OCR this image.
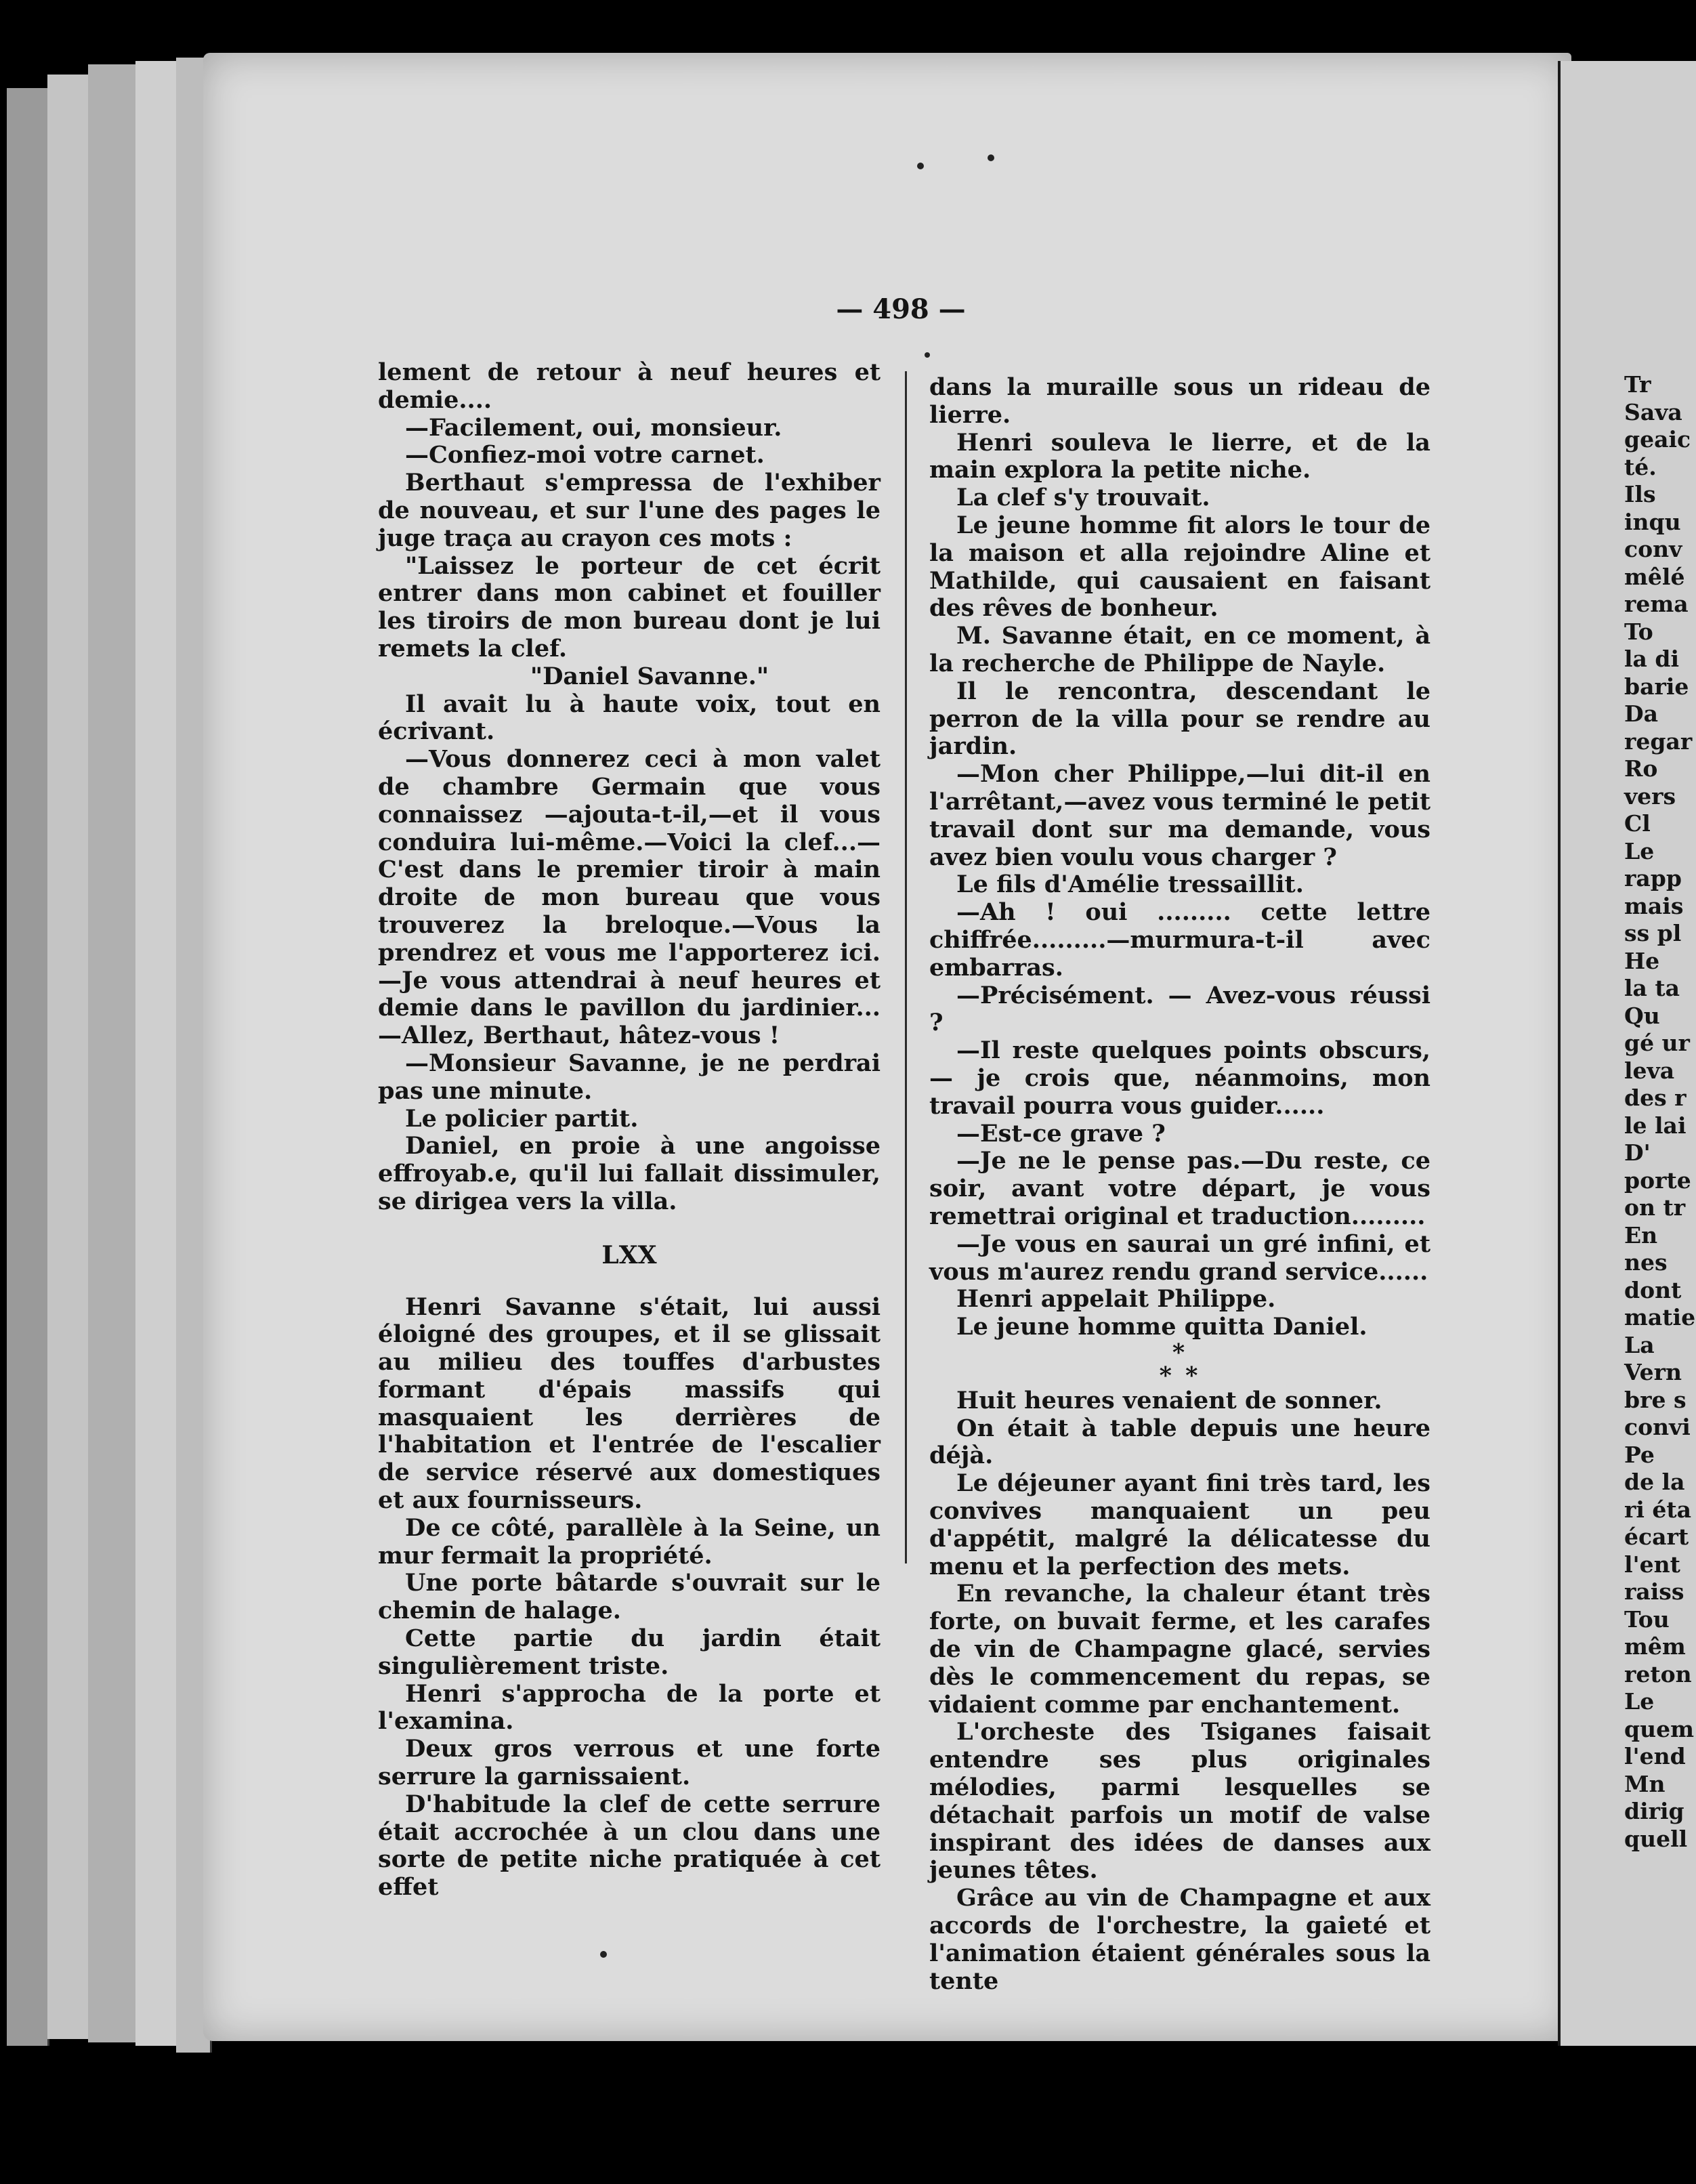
— 498 —

lement de retour à neuf heures et demie....

—Facilement, oui, monsieur.

—Confiez-moi votre carnet.

Berthaut s'empressa de l'exhiber de nouveau, et sur l'une des pages le juge traça au crayon ces mots :

"Laissez le porteur de cet écrit entrer dans mon cabinet et fouiller les tiroirs de mon bureau dont je lui remets la clef.

"Daniel Savanne."

Il avait lu à haute voix, tout en écrivant.

—Vous donnerez ceci à mon valet de chambre Germain que vous connaissez —ajouta-t-il,—et il vous conduira lui-même.—Voici la clef...—C'est dans le premier tiroir à main droite de mon bureau que vous trouverez la breloque.—Vous la prendrez et vous me l'apporterez ici.—Je vous attendrai à neuf heures et demie dans le pavillon du jardinier...—Allez, Berthaut, hâtez-vous !

—Monsieur Savanne, je ne perdrai pas une minute.

Le policier partit.

Daniel, en proie à une angoisse effroyab.e, qu'il lui fallait dissimuler, se dirigea vers la villa.

LXX

Henri Savanne s'était, lui aussi éloigné des groupes, et il se glissait au milieu des touffes d'arbustes formant d'épais massifs qui masquaient les derrières de l'habitation et l'entrée de l'escalier de service réservé aux domestiques et aux fournisseurs.

De ce côté, parallèle à la Seine, un mur fermait la propriété.

Une porte bâtarde s'ouvrait sur le chemin de halage.

Cette partie du jardin était singulièrement triste.

Henri s'approcha de la porte et l'examina.

Deux gros verrous et une forte serrure la garnissaient.

D'habitude la clef de cette serrure était accrochée à un clou dans une sorte de petite niche pratiquée à cet effet

dans la muraille sous un rideau de lierre.

Henri souleva le lierre, et de la main explora la petite niche.

La clef s'y trouvait.

Le jeune homme fit alors le tour de la maison et alla rejoindre Aline et Mathilde, qui causaient en faisant des rêves de bonheur.

M. Savanne était, en ce moment, à la recherche de Philippe de Nayle.

Il le rencontra, descendant le perron de la villa pour se rendre au jardin.

—Mon cher Philippe,—lui dit-il en l'arrêtant,—avez vous terminé le petit travail dont sur ma demande, vous avez bien voulu vous charger ?

Le fils d'Amélie tressaillit.

—Ah ! oui ......... cette lettre chiffrée.........—murmura-t-il avec embarras.

—Précisément. — Avez-vous réussi ?

—Il reste quelques points obscurs, — je crois que, néanmoins, mon travail pourra vous guider......

—Est-ce grave ?

—Je ne le pense pas.—Du reste, ce soir, avant votre départ, je vous remettrai original et traduction.........

—Je vous en saurai un gré infini, et vous m'aurez rendu grand service......

Henri appelait Philippe.

Le jeune homme quitta Daniel.

*
* *

Huit heures venaient de sonner.

On était à table depuis une heure déjà.

Le déjeuner ayant fini très tard, les convives manquaient un peu d'appétit, malgré la délicatesse du menu et la perfection des mets.

En revanche, la chaleur étant très forte, on buvait ferme, et les carafes de vin de Champagne glacé, servies dès le commencement du repas, se vidaient comme par enchantement.

L'orcheste des Tsiganes faisait entendre ses plus originales mélodies, parmi lesquelles se détachait parfois un motif de valse inspirant des idées de danses aux jeunes têtes.

Grâce au vin de Champagne et aux accords de l'orchestre, la gaieté et l'animation étaient générales sous la tente

Tr
Sava
geaic
té.
Ils
inqu
conv
mêlé
rema
To
la di
barie
Da
regar
Ro
vers
Cl
Le
rapp
mais
ss pl
He
la ta
Qu
gé ur
leva
des r
le lai
D'
porte
on tr
En
nes
dont
matie
La
Vern
bre s
convi
Pe
de la
ri éta
écart
l'ent
raiss
Tou
mêm
reton
Le
quem
l'end
Mn
dirig
quell
